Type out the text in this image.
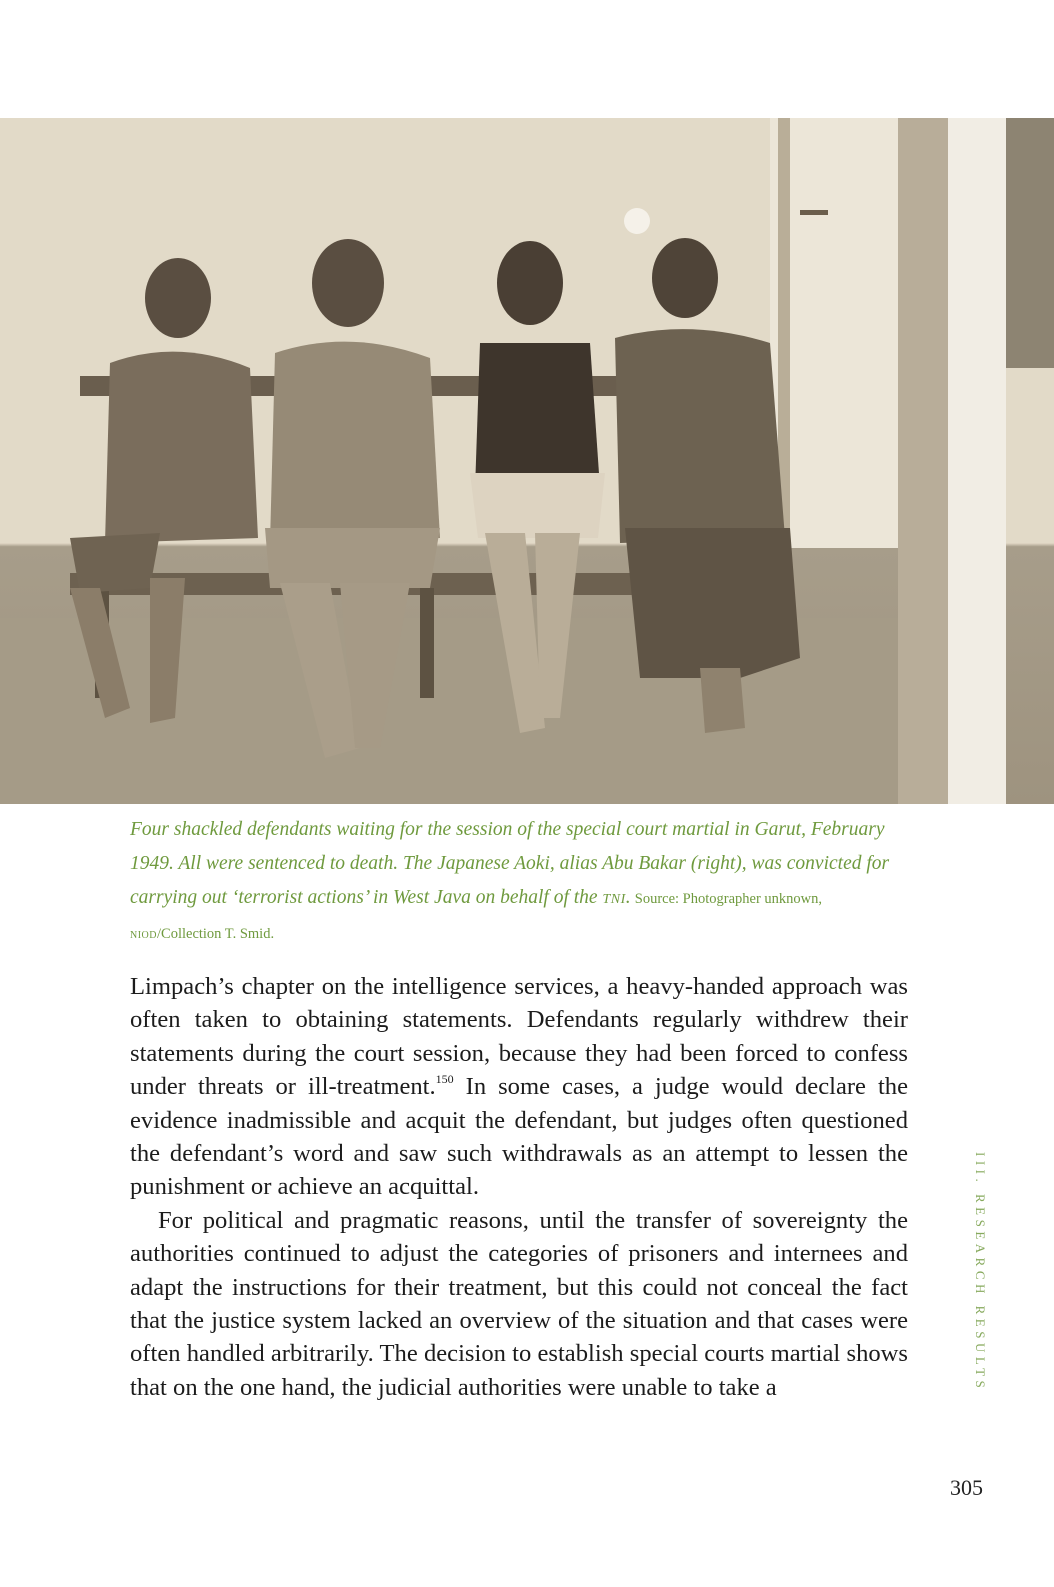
Four shackled defendants waiting for the session of the special court martial in Garut, February 1949. All were sentenced to death. The Japanese Aoki, alias Abu Bakar (right), was convicted for carrying out ‘terrorist actions’ in West Java on behalf of the tni. Source: Photographer unknown, niod/Collection T. Smid.

Limpach’s chapter on the intelligence services, a heavy-handed approach was often taken to obtaining statements. Defendants regularly withdrew their statements during the court session, because they had been forced to confess under threats or ill-treatment.$^{150}$ In some cases, a judge would declare the evidence inadmissible and acquit the defendant, but judges often questioned the defendant’s word and saw such withdrawals as an attempt to lessen the punishment or achieve an acquittal.

For political and pragmatic reasons, until the transfer of sovereignty the authorities continued to adjust the categories of prisoners and internees and adapt the instructions for their treatment, but this could not conceal the fact that the justice system lacked an overview of the situation and that cases were often handled arbitrarily. The decision to establish special courts martial shows that on the one hand, the judicial authorities were unable to take a	III. RESEARCH RESULTS
305
